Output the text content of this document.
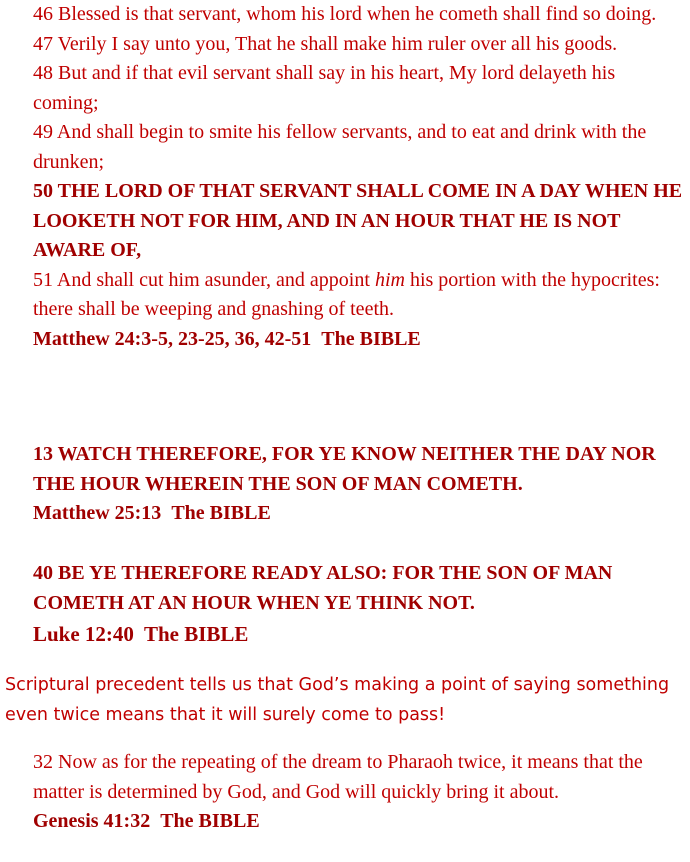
46 Blessed is that servant, whom his lord when he cometh shall find so doing.

47 Verily I say unto you, That he shall make him ruler over all his goods.

48 But and if that evil servant shall say in his heart, My lord delayeth his coming;

49 And shall begin to smite his fellow servants, and to eat and drink with the drunken;

50 THE LORD OF THAT SERVANT SHALL COME IN A DAY WHEN HE LOOKETH NOT FOR HIM, AND IN AN HOUR THAT HE IS NOT AWARE OF,

51 And shall cut him asunder, and appoint him his portion with the hypocrites: there shall be weeping and gnashing of teeth.

Matthew 24:3-5, 23-25, 36, 42-51 The BIBLE

13 WATCH THEREFORE, FOR YE KNOW NEITHER THE DAY NOR THE HOUR WHEREIN THE SON OF MAN COMETH.

Matthew 25:13 The BIBLE

40 BE YE THEREFORE READY ALSO: FOR THE SON OF MAN COMETH AT AN HOUR WHEN YE THINK NOT.

Luke 12:40 The BIBLE

Scriptural precedent tells us that God’s making a point of saying something even twice means that it will surely come to pass!

32 Now as for the repeating of the dream to Pharaoh twice, it means that the matter is determined by God, and God will quickly bring it about.

Genesis 41:32 The BIBLE
